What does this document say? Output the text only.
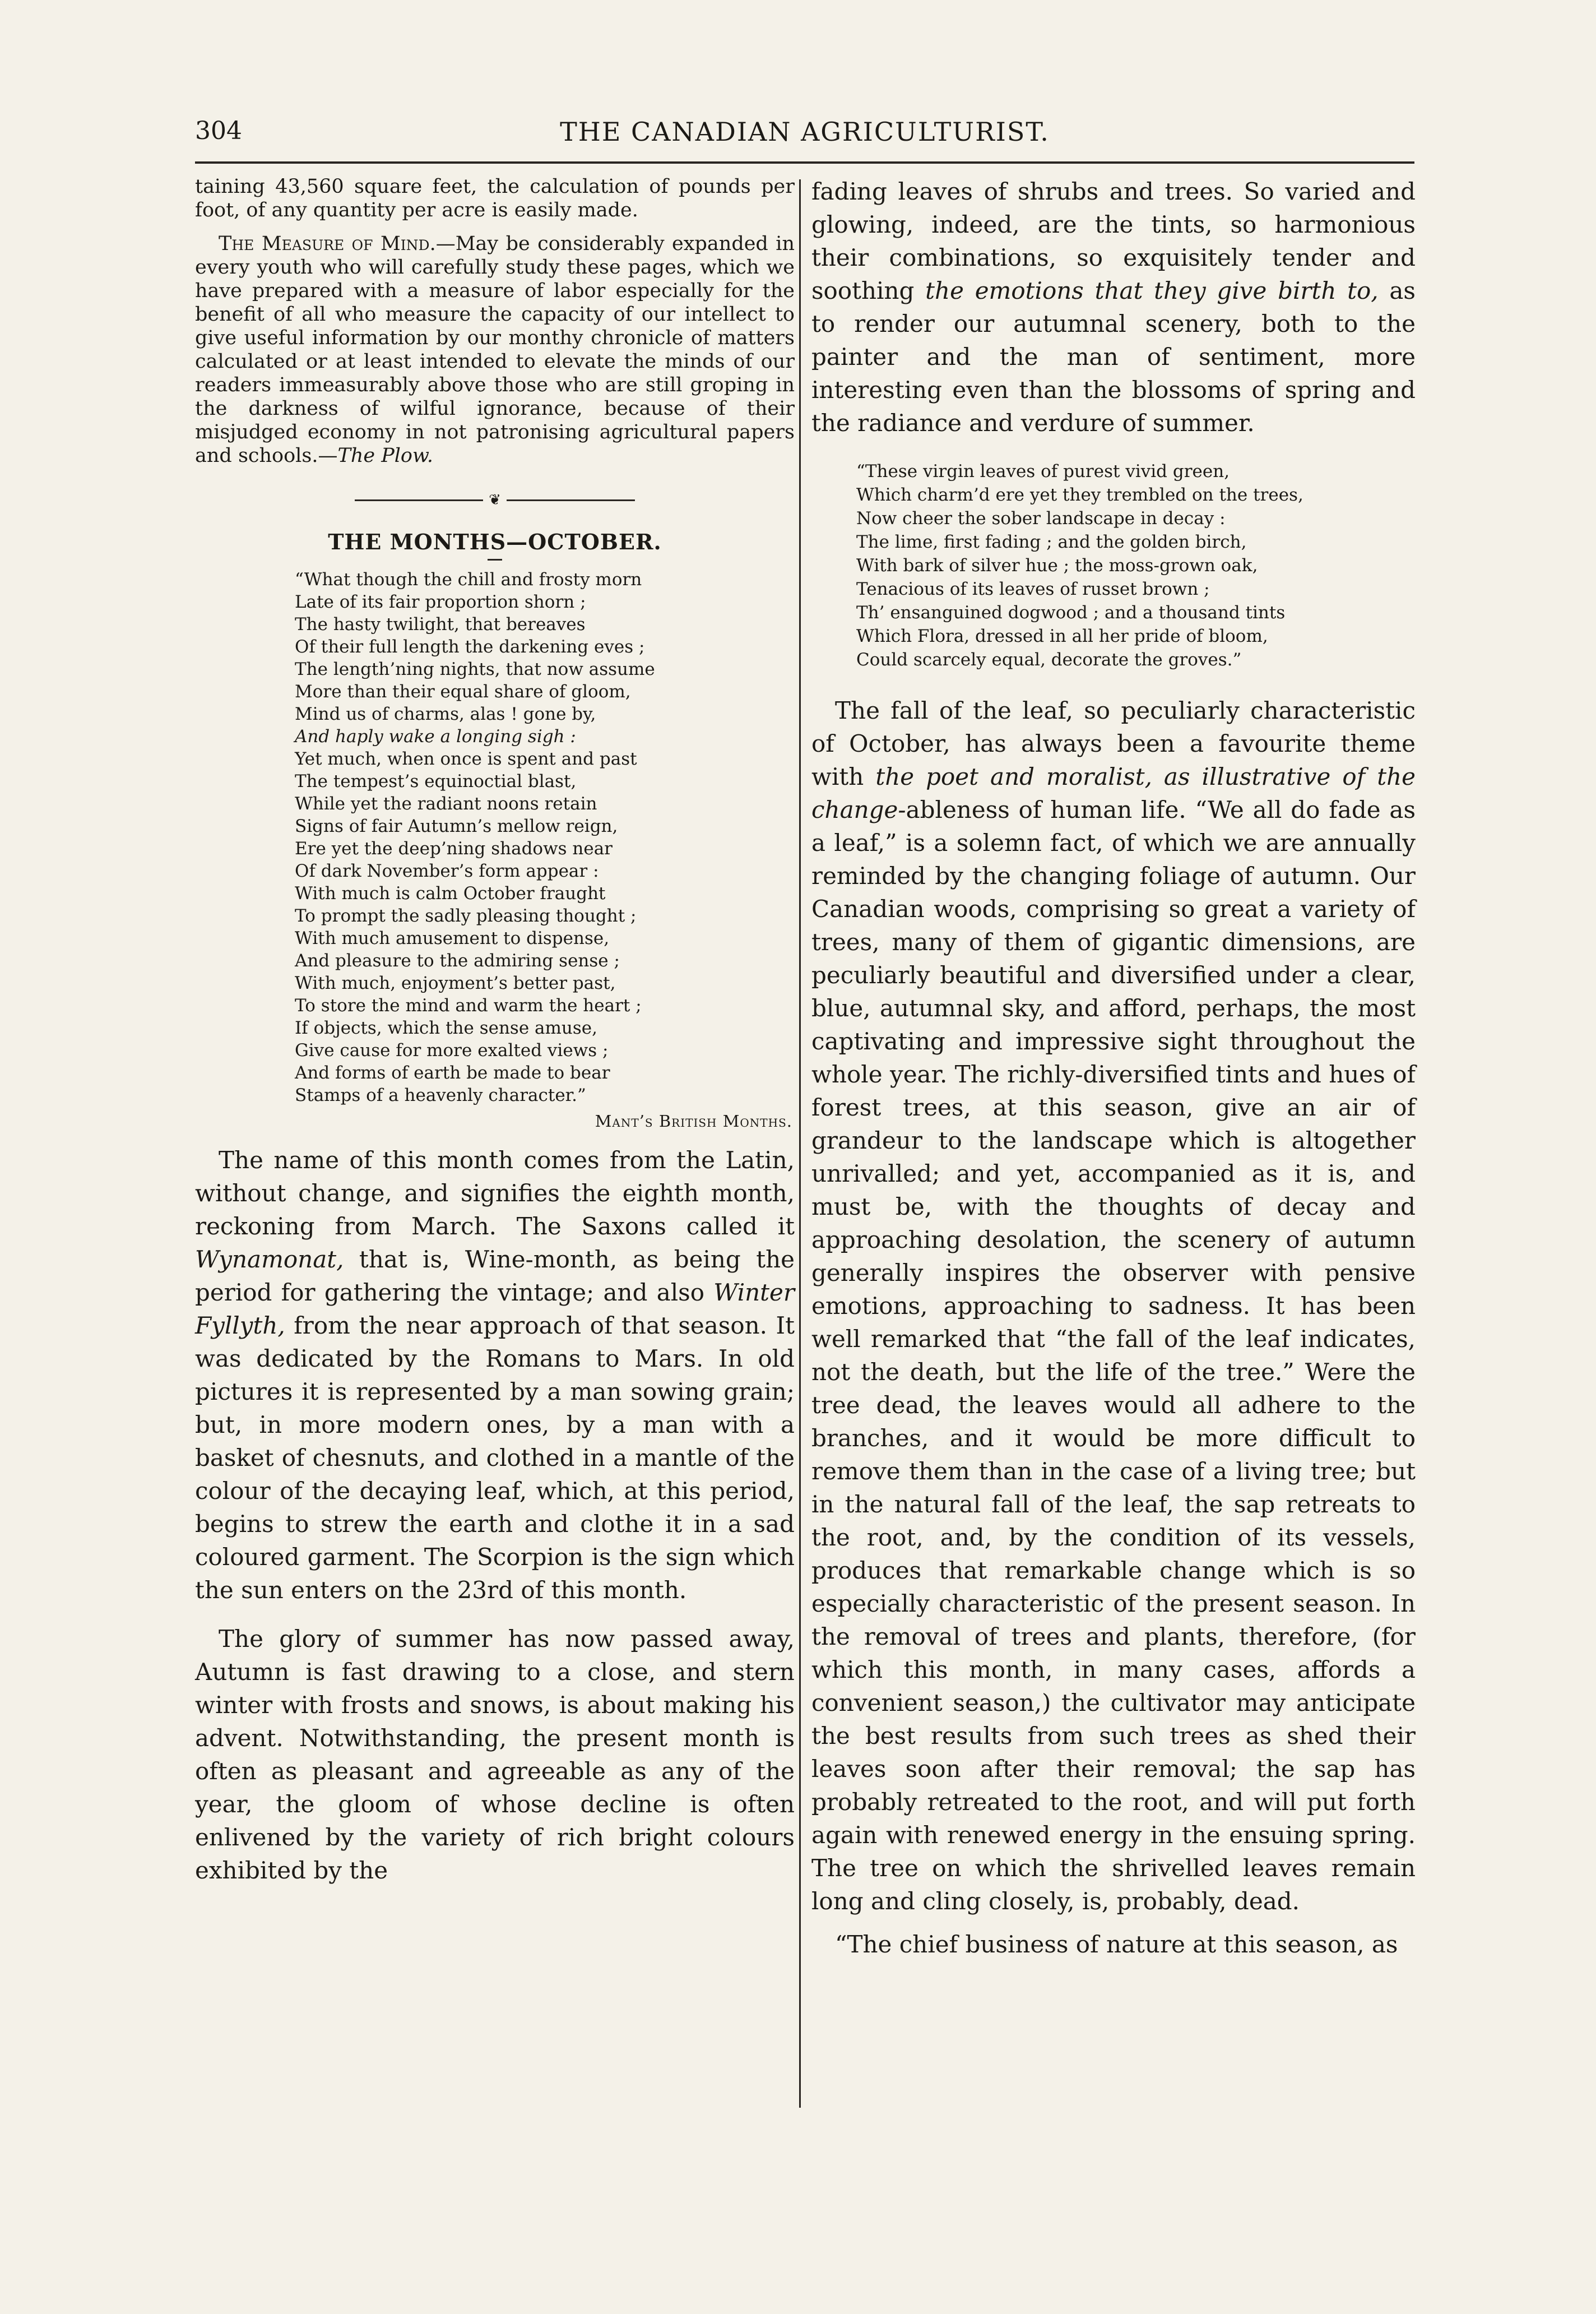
304	THE CANADIAN AGRICULTURIST.

taining 43,560 square feet, the calculation of pounds per foot, of any quantity per acre is easily made.

The Measure of Mind.—May be considerably expanded in every youth who will carefully study these pages, which we have prepared with a measure of labor especially for the benefit of all who measure the capacity of our intellect to give useful information by our monthy chronicle of matters calculated or at least intended to elevate the minds of our readers immeasurably above those who are still groping in the darkness of wilful ignorance, because of their misjudged economy in not patronising agricultural papers and schools.—The Plow.

❦
THE MONTHS—OCTOBER.
“What though the chill and frosty morn
Late of its fair proportion shorn ;
The hasty twilight, that bereaves
Of their full length the darkening eves ;
The length’ning nights, that now assume
More than their equal share of gloom,
Mind us of charms, alas ! gone by,
And haply wake a longing sigh :
Yet much, when once is spent and past
The tempest’s equinoctial blast,
While yet the radiant noons retain
Signs of fair Autumn’s mellow reign,
Ere yet the deep’ning shadows near
Of dark November’s form appear :
With much is calm October fraught
To prompt the sadly pleasing thought ;
With much amusement to dispense,
And pleasure to the admiring sense ;
With much, enjoyment’s better past,
To store the mind and warm the heart ;
If objects, which the sense amuse,
Give cause for more exalted views ;
And forms of earth be made to bear
Stamps of a heavenly character.”
Mant’s British Months.

The name of this month comes from the Latin, without change, and signifies the eighth month, reckoning from March. The Saxons called it Wynamonat, that is, Wine-month, as being the period for gathering the vintage; and also Winter Fyllyth, from the near approach of that season. It was dedicated by the Romans to Mars. In old pictures it is represented by a man sowing grain; but, in more modern ones, by a man with a basket of chesnuts, and clothed in a mantle of the colour of the decaying leaf, which, at this period, begins to strew the earth and clothe it in a sad coloured garment. The Scorpion is the sign which the sun enters on the 23rd of this month.

The glory of summer has now passed away, Autumn is fast drawing to a close, and stern winter with frosts and snows, is about making his advent. Notwithstanding, the present month is often as pleasant and agreeable as any of the year, the gloom of whose decline is often enlivened by the variety of rich bright colours exhibited by the

fading leaves of shrubs and trees. So varied and glowing, indeed, are the tints, so harmonious their combinations, so exquisitely tender and soothing the emotions that they give birth to, as to render our autumnal scenery, both to the painter and the man of sentiment, more interesting even than the blossoms of spring and the radiance and verdure of summer.

“These virgin leaves of purest vivid green,
Which charm’d ere yet they trembled on the trees,
Now cheer the sober landscape in decay :
The lime, first fading ; and the golden birch,
With bark of silver hue ; the moss-grown oak,
Tenacious of its leaves of russet brown ;
Th’ ensanguined dogwood ; and a thousand tints
Which Flora, dressed in all her pride of bloom,
Could scarcely equal, decorate the groves.”

The fall of the leaf, so peculiarly characteristic of October, has always been a favourite theme with the poet and moralist, as illustrative of the change-ableness of human life. “We all do fade as a leaf,” is a solemn fact, of which we are annually reminded by the changing foliage of autumn. Our Canadian woods, comprising so great a variety of trees, many of them of gigantic dimensions, are peculiarly beautiful and diversified under a clear, blue, autumnal sky, and afford, perhaps, the most captivating and impressive sight throughout the whole year. The richly-diversified tints and hues of forest trees, at this season, give an air of grandeur to the landscape which is altogether unrivalled; and yet, accompanied as it is, and must be, with the thoughts of decay and approaching desolation, the scenery of autumn generally inspires the observer with pensive emotions, approaching to sadness. It has been well remarked that “the fall of the leaf indicates, not the death, but the life of the tree.” Were the tree dead, the leaves would all adhere to the branches, and it would be more difficult to remove them than in the case of a living tree; but in the natural fall of the leaf, the sap retreats to the root, and, by the condition of its vessels, produces that remarkable change which is so especially characteristic of the present season. In the removal of trees and plants, therefore, (for which this month, in many cases, affords a convenient season,) the cultivator may anticipate the best results from such trees as shed their leaves soon after their removal; the sap has probably retreated to the root, and will put forth again with renewed energy in the ensuing spring. The tree on which the shrivelled leaves remain long and cling closely, is, probably, dead.

“The chief business of nature at this season, as
